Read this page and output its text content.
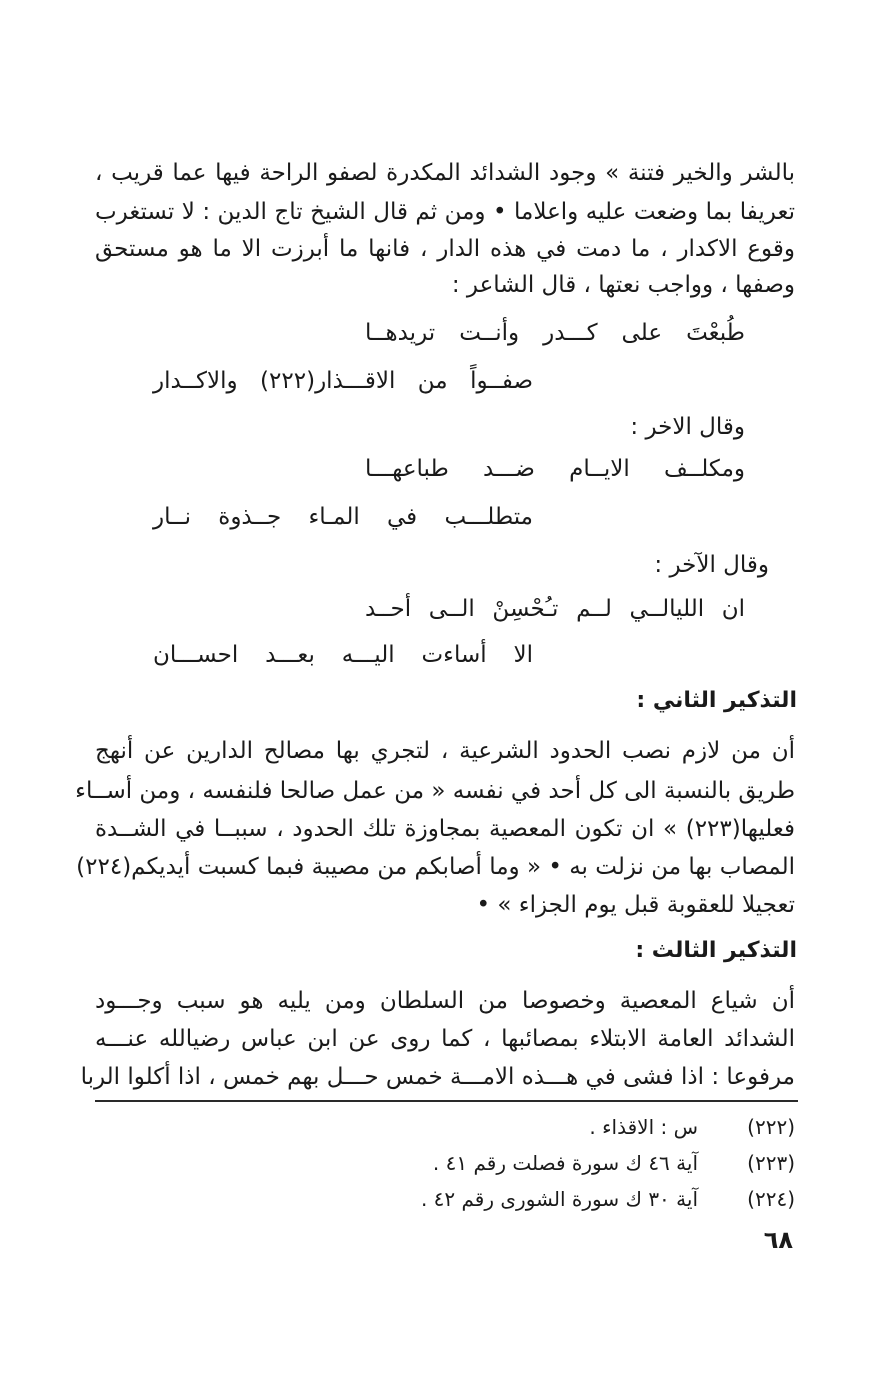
بالشر والخير فتنة » وجود الشدائد المكدرة لصفو الراحة فيها عما قريب ،
تعريفا بما وضعت عليه واعلاما • ومن ثم قال الشيخ تاج الدين : لا تستغرب
وقوع الاكدار ، ما دمت في هذه الدار ، فانها ما أبرزت الا ما هو مستحق
وصفها ، وواجب نعتها ، قال الشاعر :
طُبعْتَ على كـــدر وأنــت تريدهــا
صفــواً من الاقـــذار(٢٢٢) والاكــدار
وقال الاخر :
ومكلــف الايــام ضـــد طباعهـــا
متطلـــب في المـاء جــذوة نــار
وقال الآخر :
ان الليالــي لــم تـُحْسِنْ الــى أحــد
الا أساءت اليـــه بعـــد احســـان
التذكير الثاني :
أن من لازم نصب الحدود الشرعية ، لتجري بها مصالح الدارين عن أنهج
طريق بالنسبة الى كل أحد في نفسه « من عمل صالحا فلنفسه ، ومن أســاء
فعليها(٢٢٣) » ان تكون المعصية بمجاوزة تلك الحدود ، سببــا في الشــدة
المصاب بها من نزلت به • « وما أصابكم من مصيبة فبما كسبت أيديكم(٢٢٤)
تعجيلا للعقوبة قبل يوم الجزاء » •
التذكير الثالث :
أن شياع المعصية وخصوصا من السلطان ومن يليه هو سبب وجـــود
الشدائد العامة الابتلاء بمصائبها ، كما روى عن ابن عباس رضيالله عنـــه
مرفوعا : اذا فشى في هـــذه الامـــة خمس حـــل بهم خمس ، اذا أكلوا الربا
(٢٢٢)
س : الاقذاء .
(٢٢٣)
آية ٤٦ ك سورة فصلت رقم ٤١ .
(٢٢٤)
آية ٣٠ ك سورة الشورى رقم ٤٢ .
٦٨
